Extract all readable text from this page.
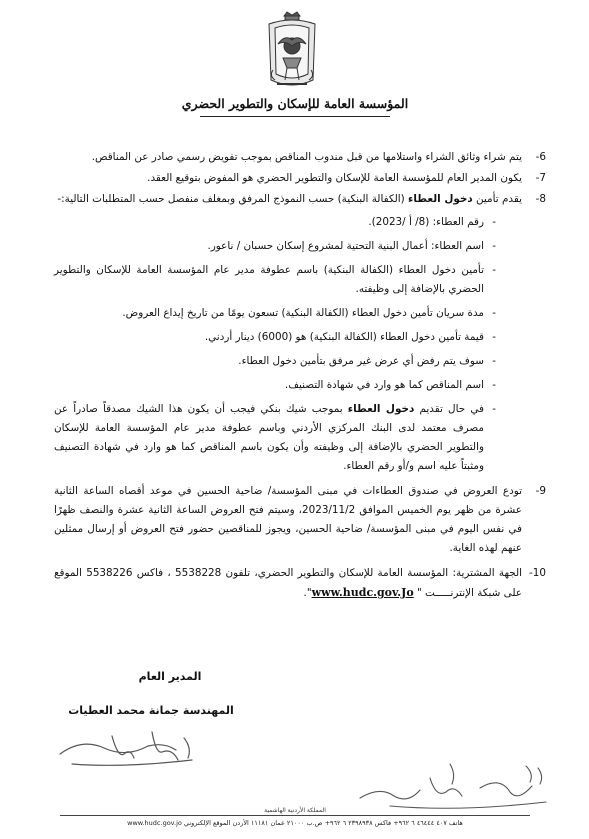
المؤسسة العامة للإسكان والتطوير الحضري
-6
يتم شراء وثائق الشراء واستلامها من قبل مندوب المناقص بموجب تفويض رسمي صادر عن المناقص.
-7
يكون المدير العام للمؤسسة العامة للإسكان والتطوير الحضري هو المفوض بتوقيع العقد.
-8
يقدم تأمين دخول العطاء (الكفالة البنكية) حسب النموذج المرفق وبمغلف منفصل حسب المتطلبات التالية:-
-
رقم العطاء: (8/ أ /2023).
-
اسم العطاء: أعمال البنية التحتية لمشروع إسكان حسبان / ناعور.
-
تأمين دخول العطاء (الكفالة البنكية) باسم عطوفة مدير عام المؤسسة العامة للإسكان والتطوير الحضري بالإضافة إلى وظيفته.
-
مدة سريان تأمين دخول العطاء (الكفالة البنكية) تسعون يومًا من تاريخ إيداع العروض.
-
قيمة تأمين دخول العطاء (الكفالة البنكية) هو (6000) دينار أردني.
-
سوف يتم رفض أي عرض غير مرفق بتأمين دخول العطاء.
-
اسم المناقص كما هو وارد في شهادة التصنيف.
-
في حال تقديم دخول العطاء بموجب شيك بنكي فيجب أن يكون هذا الشيك مصدقاً صادراً عن مصرف معتمد لدى البنك المركزي الأردني وباسم عطوفة مدير عام المؤسسة العامة للإسكان والتطوير الحضري بالإضافة إلى وظيفته وأن يكون باسم المناقص كما هو وارد في شهادة التصنيف ومثبتاً عليه اسم و/أو رقم العطاء.
-9
تودع العروض في صندوق العطاءات في مبنى المؤسسة/ ضاحية الحسين في موعد أقصاه الساعة الثانية عشرة من ظهر يوم الخميس الموافق 2023/11/2، وسيتم فتح العروض الساعة الثانية عشرة والنصف ظهرًا في نفس اليوم في مبنى المؤسسة/ ضاحية الحسين، ويجوز للمناقصين حضور فتح العروض أو إرسال ممثلين عنهم لهذه الغاية.
-10
الجهة المشترية: المؤسسة العامة للإسكان والتطوير الحضري، تلفون 5538228 ، فاكس 5538226 الموقع على شبكة الإنترنـــــت " www.hudc.gov.Jo".
المدير العام
المهندسة جمانة محمد العطيات
المملكة الأردنية الهاشمية
هاتف ٤٠٧ ٤٦٤٤٤ ٦ ٩٦٢+ فاكس ٢٣٩٨٩٣٨ ٦ ٩٦٢+ ص.ب ٢١٠٠٠ عمان ١١١٨١ الأردن الموقع الإلكتروني www.hudc.gov.jo
